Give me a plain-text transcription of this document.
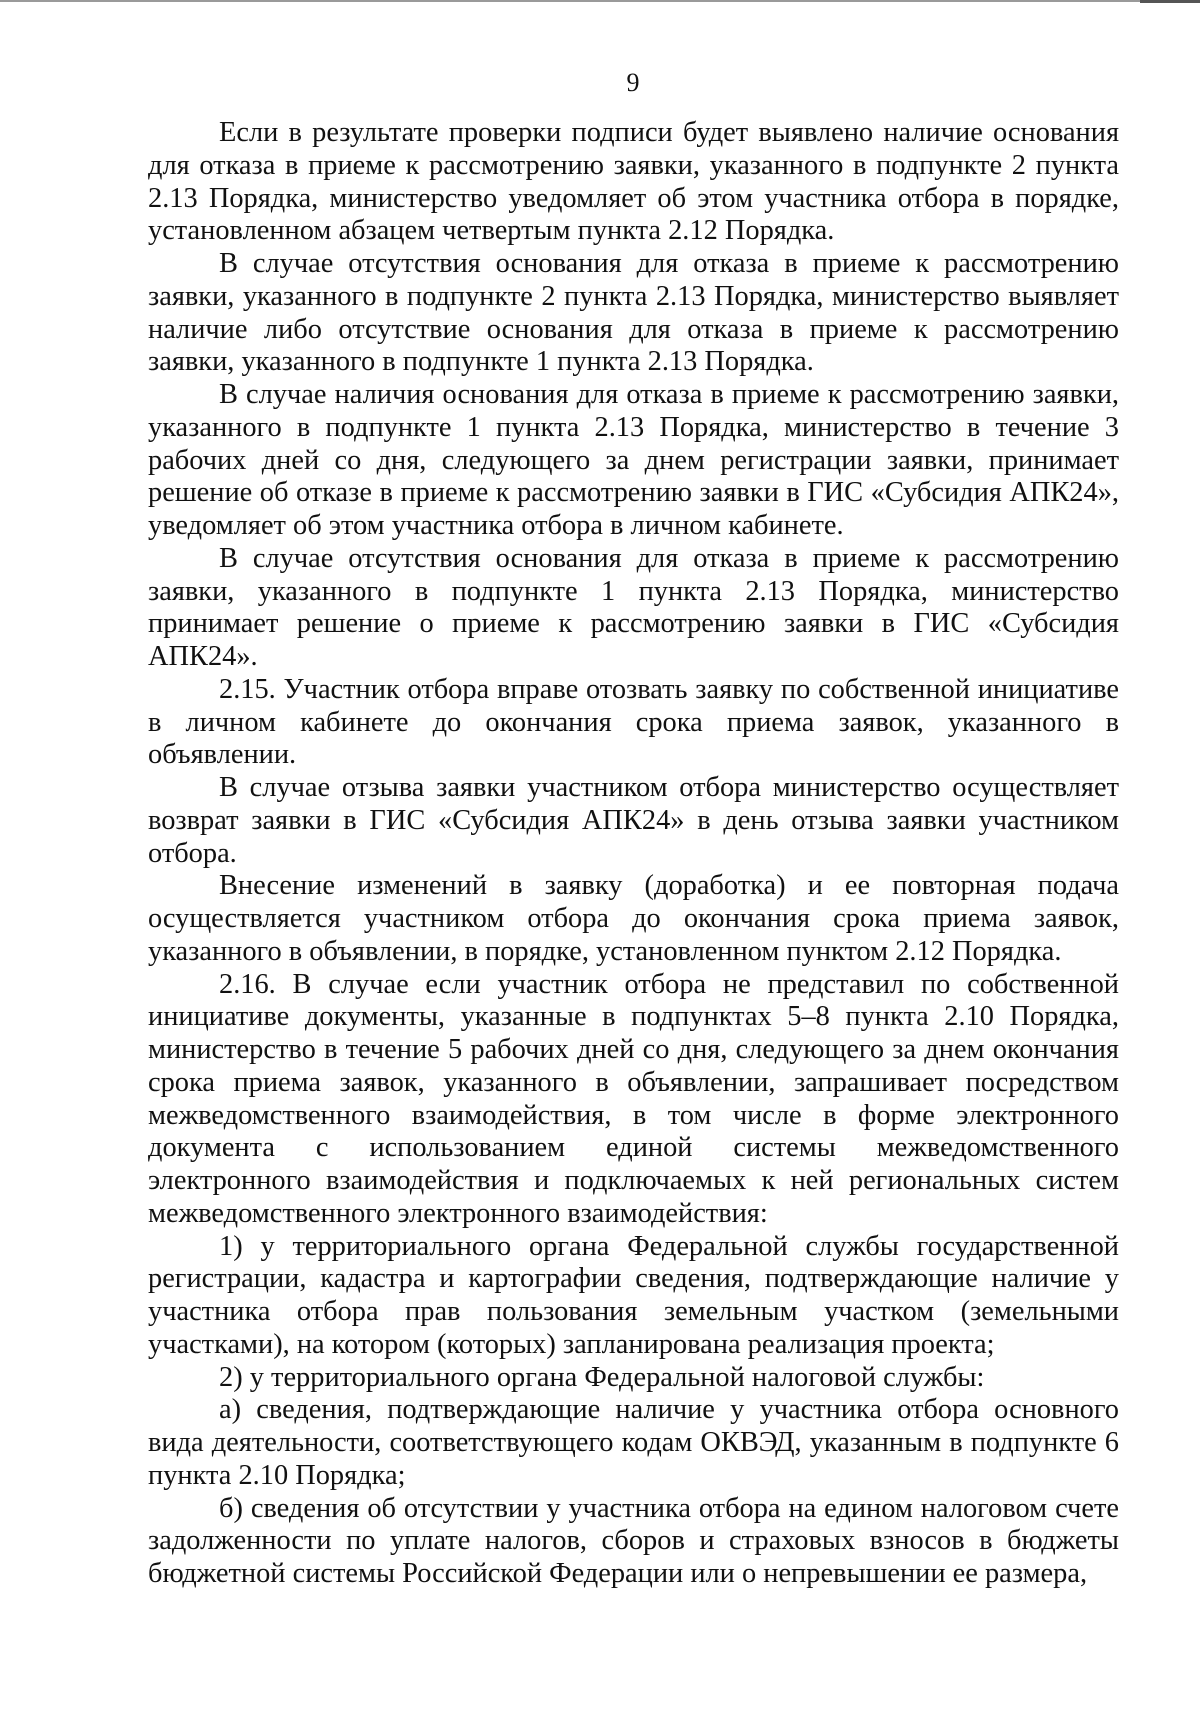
9

Если в результате проверки подписи будет выявлено наличие основания для отказа в приеме к рассмотрению заявки, указанного в подпункте 2 пункта 2.13 Порядка, министерство уведомляет об этом участника отбора в порядке, установленном абзацем четвертым пункта 2.12 Порядка.

В случае отсутствия основания для отказа в приеме к рассмотрению заявки, указанного в подпункте 2 пункта 2.13 Порядка, министерство выявляет наличие либо отсутствие основания для отказа в приеме к рассмотрению заявки, указанного в подпункте 1 пункта 2.13 Порядка.

В случае наличия основания для отказа в приеме к рассмотрению заявки, указанного в подпункте 1 пункта 2.13 Порядка, министерство в течение 3 рабочих дней со дня, следующего за днем регистрации заявки, принимает решение об отказе в приеме к рассмотрению заявки в ГИС «Субсидия АПК24», уведомляет об этом участника отбора в личном кабинете.

В случае отсутствия основания для отказа в приеме к рассмотрению заявки, указанного в подпункте 1 пункта 2.13 Порядка, министерство принимает решение о приеме к рассмотрению заявки в ГИС «Субсидия АПК24».

2.15. Участник отбора вправе отозвать заявку по собственной инициативе в личном кабинете до окончания срока приема заявок, указанного в объявлении.

В случае отзыва заявки участником отбора министерство осуществляет возврат заявки в ГИС «Субсидия АПК24» в день отзыва заявки участником отбора.

Внесение изменений в заявку (доработка) и ее повторная подача осуществляется участником отбора до окончания срока приема заявок, указанного в объявлении, в порядке, установленном пунктом 2.12 Порядка.

2.16. В случае если участник отбора не представил по собственной инициативе документы, указанные в подпунктах 5–8 пункта 2.10 Порядка, министерство в течение 5 рабочих дней со дня, следующего за днем окончания срока приема заявок, указанного в объявлении, запрашивает посредством межведомственного взаимодействия, в том числе в форме электронного документа с использованием единой системы межведомственного электронного взаимодействия и подключаемых к ней региональных систем межведомственного электронного взаимодействия:

1) у территориального органа Федеральной службы государственной регистрации, кадастра и картографии сведения, подтверждающие наличие у участника отбора прав пользования земельным участком (земельными участками), на котором (которых) запланирована реализация проекта;

2) у территориального органа Федеральной налоговой службы:

а) сведения, подтверждающие наличие у участника отбора основного вида деятельности, соответствующего кодам ОКВЭД, указанным в подпункте 6 пункта 2.10 Порядка;

б) сведения об отсутствии у участника отбора на едином налоговом счете задолженности по уплате налогов, сборов и страховых взносов в бюджеты бюджетной системы Российской Федерации или о непревышении ее размера,
